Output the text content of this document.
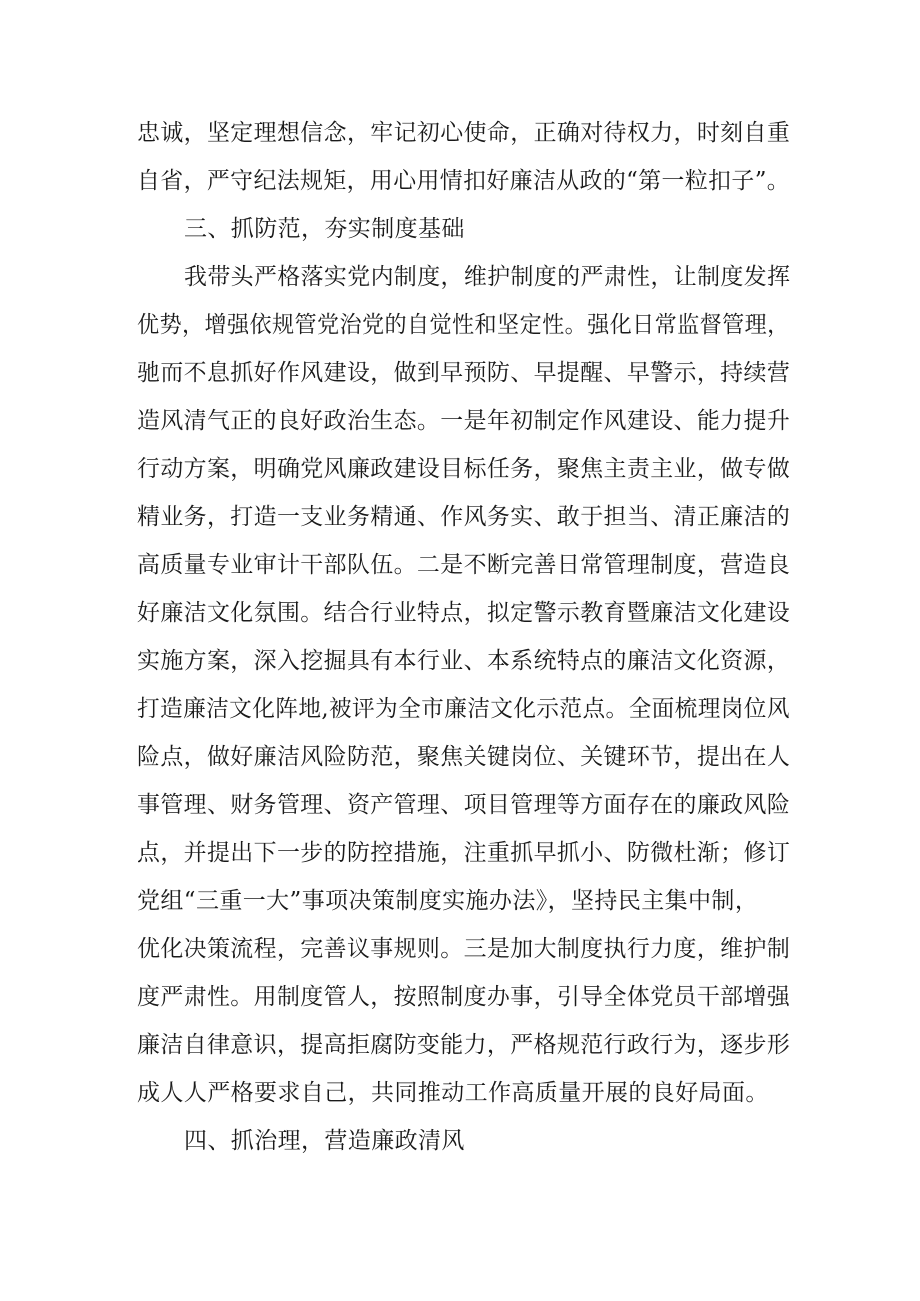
忠诚，坚定理想信念，牢记初心使命，正确对待权力，时刻自重
自省，严守纪法规矩，用心用情扣好廉洁从政的“第一粒扣子”。
三、抓防范，夯实制度基础
我带头严格落实党内制度，维护制度的严肃性，让制度发挥
优势，增强依规管党治党的自觉性和坚定性。强化日常监督管理，
驰而不息抓好作风建设，做到早预防、早提醒、早警示，持续营
造风清气正的良好政治生态。一是年初制定作风建设、能力提升
行动方案，明确党风廉政建设目标任务，聚焦主责主业，做专做
精业务，打造一支业务精通、作风务实、敢于担当、清正廉洁的
高质量专业审计干部队伍。二是不断完善日常管理制度，营造良
好廉洁文化氛围。结合行业特点，拟定警示教育暨廉洁文化建设
实施方案，深入挖掘具有本行业、本系统特点的廉洁文化资源，
打造廉洁文化阵地,被评为全市廉洁文化示范点。全面梳理岗位风
险点，做好廉洁风险防范，聚焦关键岗位、关键环节，提出在人
事管理、财务管理、资产管理、项目管理等方面存在的廉政风险
点，并提出下一步的防控措施，注重抓早抓小、防微杜渐；修订
党组“三重一大”事项决策制度实施办法》，坚持民主集中制，
优化决策流程，完善议事规则。三是加大制度执行力度，维护制
度严肃性。用制度管人，按照制度办事，引导全体党员干部增强
廉洁自律意识，提高拒腐防变能力，严格规范行政行为，逐步形
成人人严格要求自己，共同推动工作高质量开展的良好局面。
四、抓治理，营造廉政清风
